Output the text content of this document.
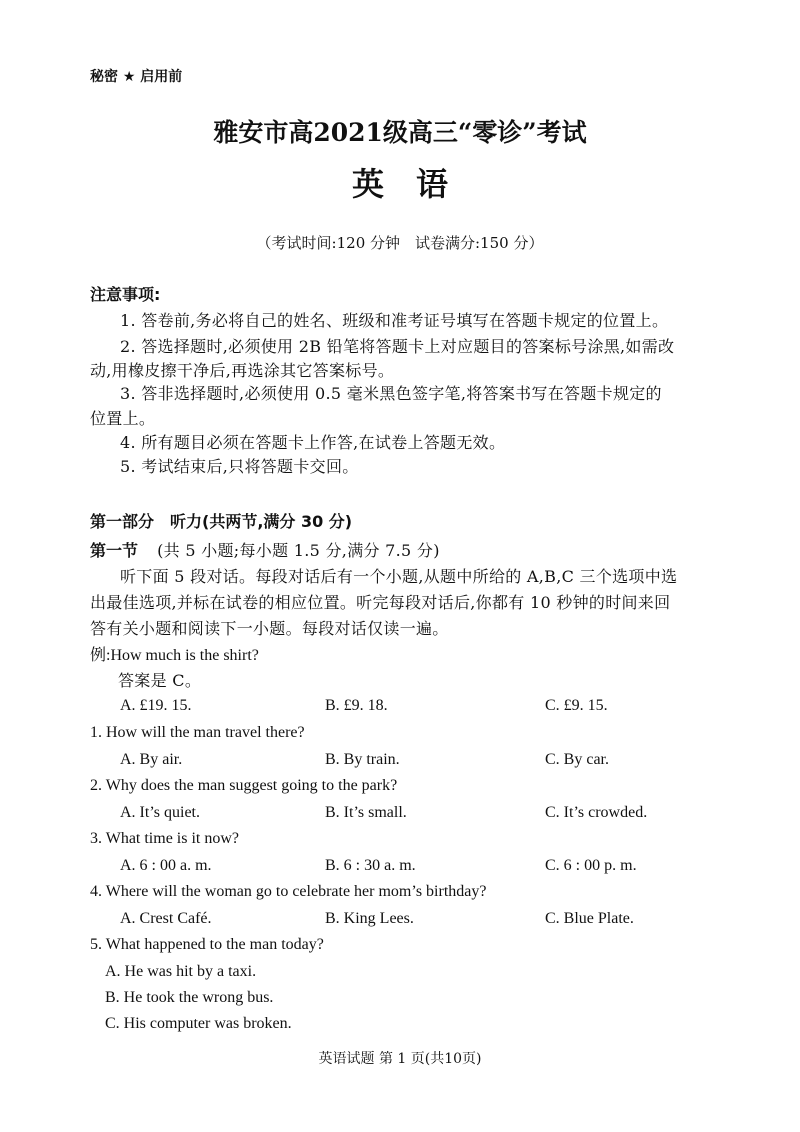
秘密 ★ 启用前
雅安市高2021级高三“零诊”考试
英　语
（考试时间:120 分钟　试卷满分:150 分）
注意事项:
1. 答卷前,务必将自己的姓名、班级和准考证号填写在答题卡规定的位置上。
2. 答选择题时,必须使用 2B 铅笔将答题卡上对应题目的答案标号涂黑,如需改
动,用橡皮擦干净后,再选涂其它答案标号。
3. 答非选择题时,必须使用 0.5 毫米黑色签字笔,将答案书写在答题卡规定的
位置上。
4. 所有题目必须在答题卡上作答,在试卷上答题无效。
5. 考试结束后,只将答题卡交回。
第一部分　听力(共两节,满分 30 分)
第一节 (共 5 小题;每小题 1.5 分,满分 7.5 分)
听下面 5 段对话。每段对话后有一个小题,从题中所给的 A,B,C 三个选项中选
出最佳选项,并标在试卷的相应位置。听完每段对话后,你都有 10 秒钟的时间来回
答有关小题和阅读下一小题。每段对话仅读一遍。
例:How much is the shirt?
答案是 C。
A. £19. 15.	B. £9. 18.	C. £9. 15.
1. How will the man travel there?
A. By air.	B. By train.	C. By car.
2. Why does the man suggest going to the park?
A. It’s quiet.	B. It’s small.	C. It’s crowded.
3. What time is it now?
A. 6 : 00 a. m.	B. 6 : 30 a. m.	C. 6 : 00 p. m.
4. Where will the woman go to celebrate her mom’s birthday?
A. Crest Café.	B. King Lees.	C. Blue Plate.
5. What happened to the man today?
A. He was hit by a taxi.
B. He took the wrong bus.
C. His computer was broken.
英语试题 第 1 页(共10页)
